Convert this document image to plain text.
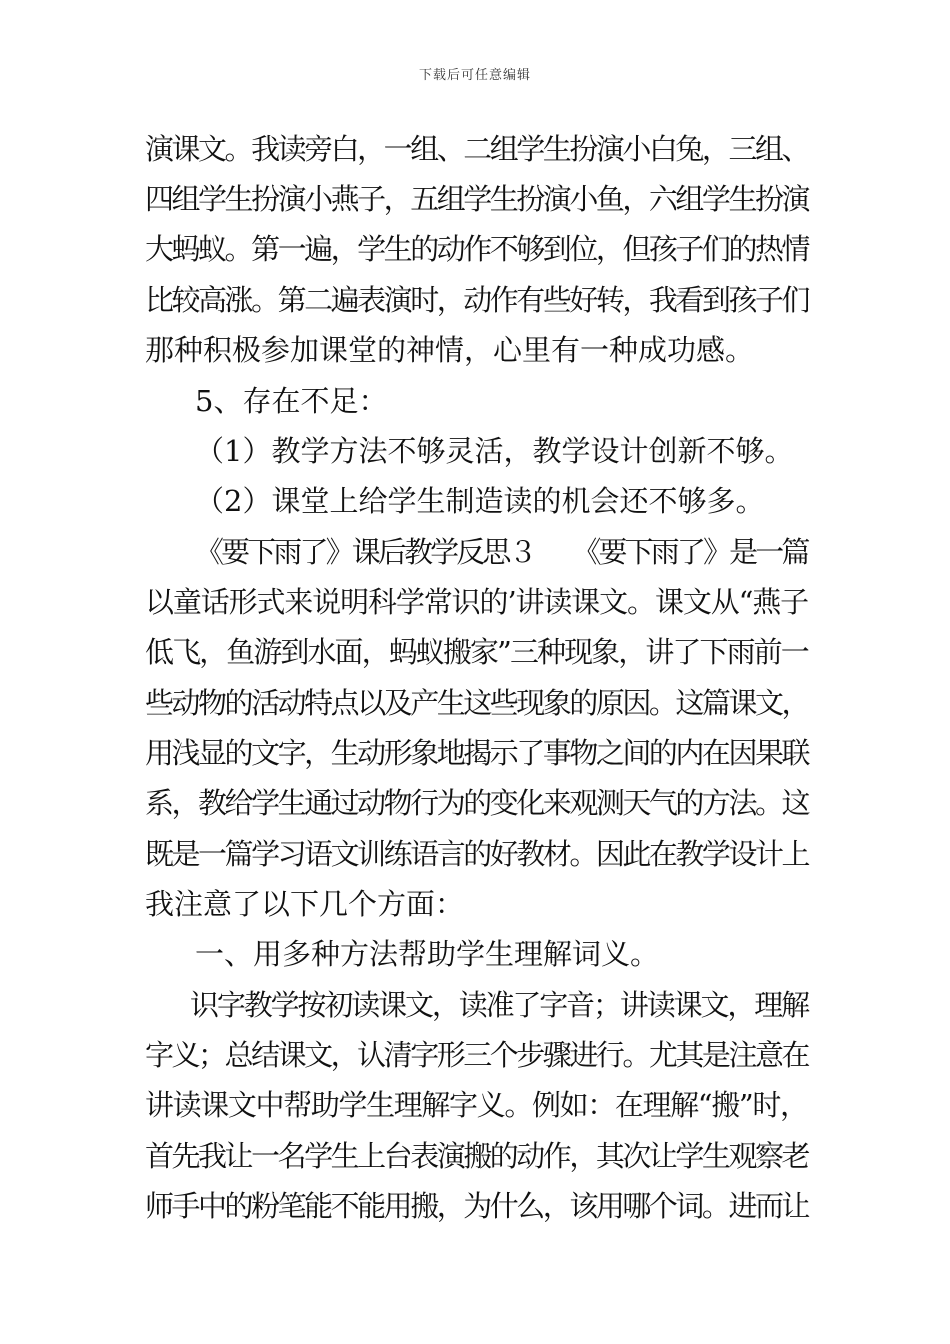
下载后可任意编辑
演课文。我读旁白，一组、二组学生扮演小白兔，三组、
四组学生扮演小燕子，五组学生扮演小鱼，六组学生扮演
大蚂蚁。第一遍，学生的动作不够到位，但孩子们的热情
比较高涨。第二遍表演时，动作有些好转，我看到孩子们
那种积极参加课堂的神情，心里有一种成功感。
5、存在不足：
（1）教学方法不够灵活，教学设计创新不够。
（2）课堂上给学生制造读的机会还不够多。
《要下雨了》课后教学反思３　　《要下雨了》是一篇
以童话形式来说明科学常识的’讲读课文。课文从“燕子
低飞，鱼游到水面，蚂蚁搬家”三种现象，讲了下雨前一
些动物的活动特点以及产生这些现象的原因。这篇课文，
用浅显的文字，生动形象地揭示了事物之间的内在因果联
系，教给学生通过动物行为的变化来观测天气的方法。这
既是一篇学习语文训练语言的好教材。因此在教学设计上
我注意了以下几个方面：
一、用多种方法帮助学生理解词义。
识字教学按初读课文，读准了字音；讲读课文，理解
字义；总结课文，认清字形三个步骤进行。尤其是注意在
讲读课文中帮助学生理解字义。例如：在理解“搬”时，
首先我让一名学生上台表演搬的动作，其次让学生观察老
师手中的粉笔能不能用搬，为什么，该用哪个词。进而让
